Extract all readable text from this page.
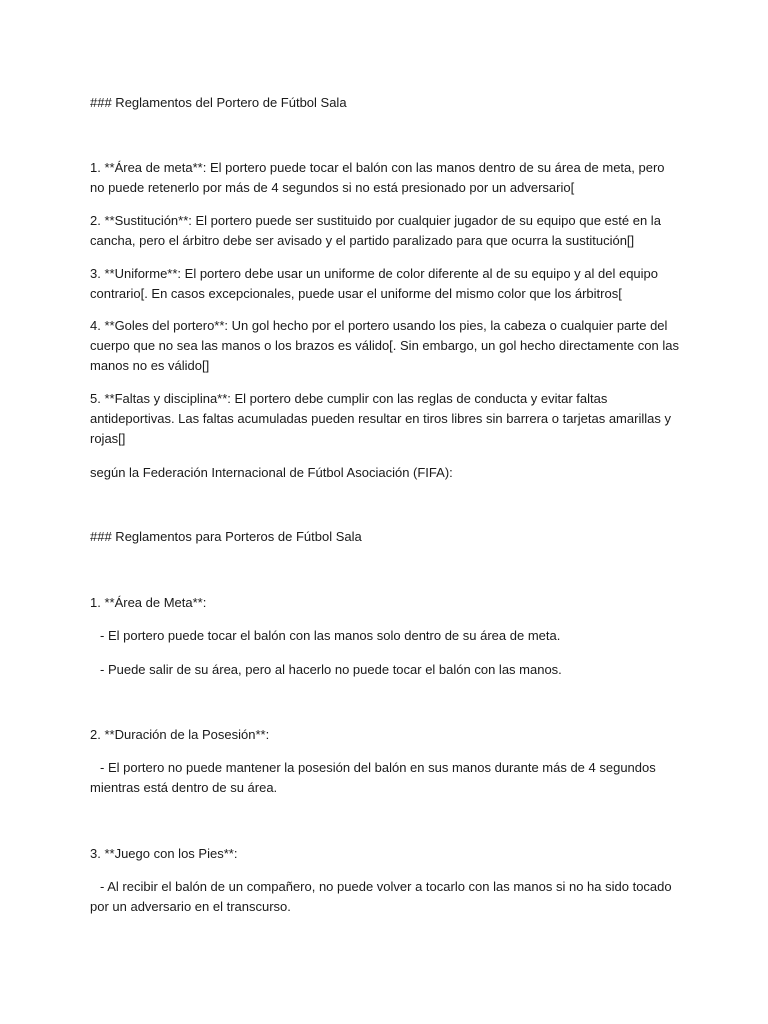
### Reglamentos del Portero de Fútbol Sala

1. **Área de meta**: El portero puede tocar el balón con las manos dentro de su área de meta, pero no puede retenerlo por más de 4 segundos si no está presionado por un adversario[

2. **Sustitución**: El portero puede ser sustituido por cualquier jugador de su equipo que esté en la cancha, pero el árbitro debe ser avisado y el partido paralizado para que ocurra la sustitución[]

3. **Uniforme**: El portero debe usar un uniforme de color diferente al de su equipo y al del equipo contrario[. En casos excepcionales, puede usar el uniforme del mismo color que los árbitros[

4. **Goles del portero**: Un gol hecho por el portero usando los pies, la cabeza o cualquier parte del cuerpo que no sea las manos o los brazos es válido[. Sin embargo, un gol hecho directamente con las manos no es válido[]

5. **Faltas y disciplina**: El portero debe cumplir con las reglas de conducta y evitar faltas antideportivas. Las faltas acumuladas pueden resultar en tiros libres sin barrera o tarjetas amarillas y rojas[]

según la Federación Internacional de Fútbol Asociación (FIFA):

### Reglamentos para Porteros de Fútbol Sala

1. **Área de Meta**:

- El portero puede tocar el balón con las manos solo dentro de su área de meta.

- Puede salir de su área, pero al hacerlo no puede tocar el balón con las manos.

2. **Duración de la Posesión**:

- El portero no puede mantener la posesión del balón en sus manos durante más de 4 segundos mientras está dentro de su área.

3. **Juego con los Pies**:

- Al recibir el balón de un compañero, no puede volver a tocarlo con las manos si no ha sido tocado por un adversario en el transcurso.
